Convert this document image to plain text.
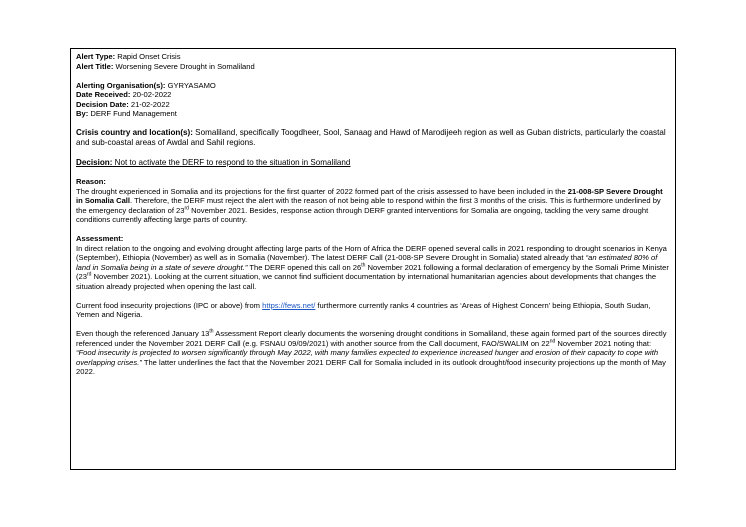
Alert Type: Rapid Onset Crisis

Alert Title: Worsening Severe Drought in Somaliland

Alerting Organisation(s): GYRYASAMO

Date Received: 20-02-2022

Decision Date: 21-02-2022

By: DERF Fund Management

Crisis country and location(s): Somaliland, specifically Toogdheer, Sool, Sanaag and Hawd of Marodijeeh region as well as Guban districts, particularly the coastal and sub-coastal areas of Awdal and Sahil regions.

Decision: Not to activate the DERF to respond to the situation in Somaliland

Reason:

The drought experienced in Somalia and its projections for the first quarter of 2022 formed part of the crisis assessed to have been included in the 21-008-SP Severe Drought in Somalia Call. Therefore, the DERF must reject the alert with the reason of not being able to respond within the first 3 months of the crisis. This is furthermore underlined by the emergency declaration of 23rd November 2021. Besides, response action through DERF granted interventions for Somalia are ongoing, tackling the very same drought conditions currently affecting large parts of country.

Assessment:

In direct relation to the ongoing and evolving drought affecting large parts of the Horn of Africa the DERF opened several calls in 2021 responding to drought scenarios in Kenya (September), Ethiopia (November) as well as in Somalia (November). The latest DERF Call (21-008-SP Severe Drought in Somalia) stated already that “an estimated 80% of land in Somalia being in a state of severe drought.” The DERF opened this call on 26th November 2021 following a formal declaration of emergency by the Somali Prime Minister (23rd November 2021). Looking at the current situation, we cannot find sufficient documentation by international humanitarian agencies about developments that changes the situation already projected when opening the last call.

Current food insecurity projections (IPC or above) from https://fews.net/ furthermore currently ranks 4 countries as ‘Areas of Highest Concern’ being Ethiopia, South Sudan, Yemen and Nigeria.

Even though the referenced January 13th Assessment Report clearly documents the worsening drought conditions in Somaliland, these again formed part of the sources directly referenced under the November 2021 DERF Call (e.g. FSNAU 09/09/2021) with another source from the Call document, FAO/SWALIM on 22nd November 2021 noting that: “Food insecurity is projected to worsen significantly through May 2022, with many families expected to experience increased hunger and erosion of their capacity to cope with overlapping crises.” The latter underlines the fact that the November 2021 DERF Call for Somalia included in its outlook drought/food insecurity projections up the month of May 2022.
